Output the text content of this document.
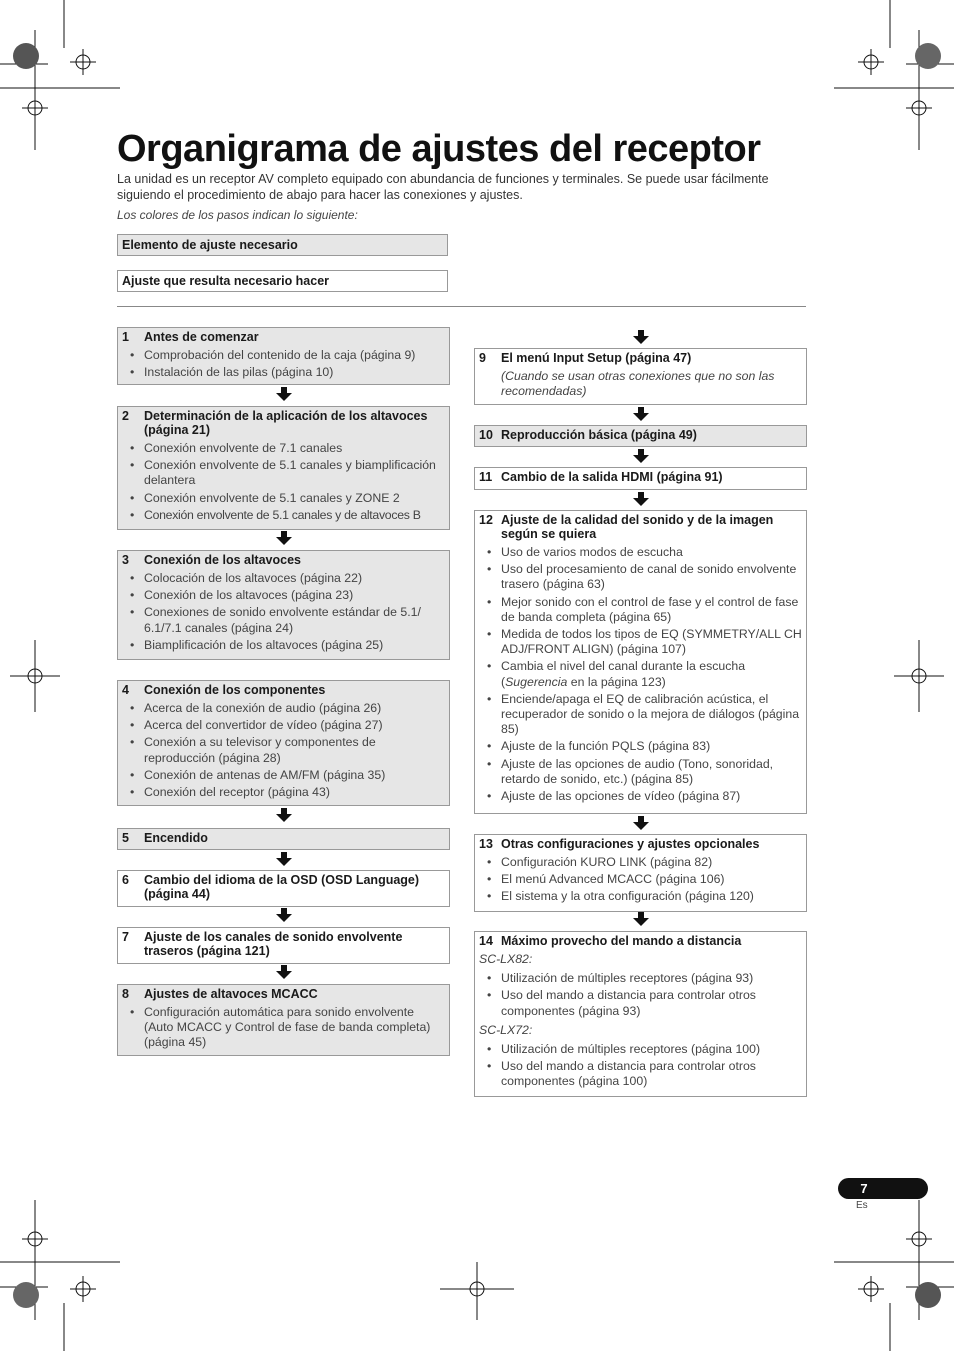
Organigrama de ajustes del receptor

La unidad es un receptor AV completo equipado con abundancia de funciones y terminales. Se puede usar fácilmente siguiendo el procedimiento de abajo para hacer las conexiones y ajustes.

Los colores de los pasos indican lo siguiente:

Elemento de ajuste necesario
Ajuste que resulta necesario hacer
1	Antes de comenzar
• Comprobación del contenido de la caja (página 9)
• Instalación de las pilas (página 10)
2	Determinación de la aplicación de los altavoces (página 21)
• Conexión envolvente de 7.1 canales
• Conexión envolvente de 5.1 canales y biamplificación delantera
• Conexión envolvente de 5.1 canales y ZONE 2
• Conexión envolvente de 5.1 canales y de altavoces B
3	Conexión de los altavoces
• Colocación de los altavoces (página 22)
• Conexión de los altavoces (página 23)
• Conexiones de sonido envolvente estándar de 5.1/ 6.1/7.1 canales (página 24)
• Biamplificación de los altavoces (página 25)
4	Conexión de los componentes
• Acerca de la conexión de audio (página 26)
• Acerca del convertidor de vídeo (página 27)
• Conexión a su televisor y componentes de reproducción (página 28)
• Conexión de antenas de AM/FM (página 35)
• Conexión del receptor (página 43)
5	Encendido
6	Cambio del idioma de la OSD (OSD Language) (página 44)
7	Ajuste de los canales de sonido envolvente traseros (página 121)
8	Ajustes de altavoces MCACC
• Configuración automática para sonido envolvente (Auto MCACC y Control de fase de banda completa) (página 45)
9	El menú Input Setup (página 47)
(Cuando se usan otras conexiones que no son las recomendadas)
10 Reproducción básica (página 49)
11 Cambio de la salida HDMI (página 91)
12 Ajuste de la calidad del sonido y de la imagen según se quiera
• Uso de varios modos de escucha
• Uso del procesamiento de canal de sonido envolvente trasero (página 63)
• Mejor sonido con el control de fase y el control de fase de banda completa (página 65)
• Medida de todos los tipos de EQ (SYMMETRY/ALL CH ADJ/FRONT ALIGN) (página 107)
• Cambia el nivel del canal durante la escucha (Sugerencia en la página 123)
• Enciende/apaga el EQ de calibración acústica, el recuperador de sonido o la mejora de diálogos (página 85)
• Ajuste de la función PQLS (página 83)
• Ajuste de las opciones de audio (Tono, sonoridad, retardo de sonido, etc.) (página 85)
• Ajuste de las opciones de vídeo (página 87)
13 Otras configuraciones y ajustes opcionales
• Configuración KURO LINK (página 82)
• El menú Advanced MCACC (página 106)
• El sistema y la otra configuración (página 120)
14 Máximo provecho del mando a distancia
SC-LX82:
• Utilización de múltiples receptores (página 93)
• Uso del mando a distancia para controlar otros componentes (página 93)
SC-LX72:
• Utilización de múltiples receptores (página 100)
• Uso del mando a distancia para controlar otros componentes (página 100)
7
Es
